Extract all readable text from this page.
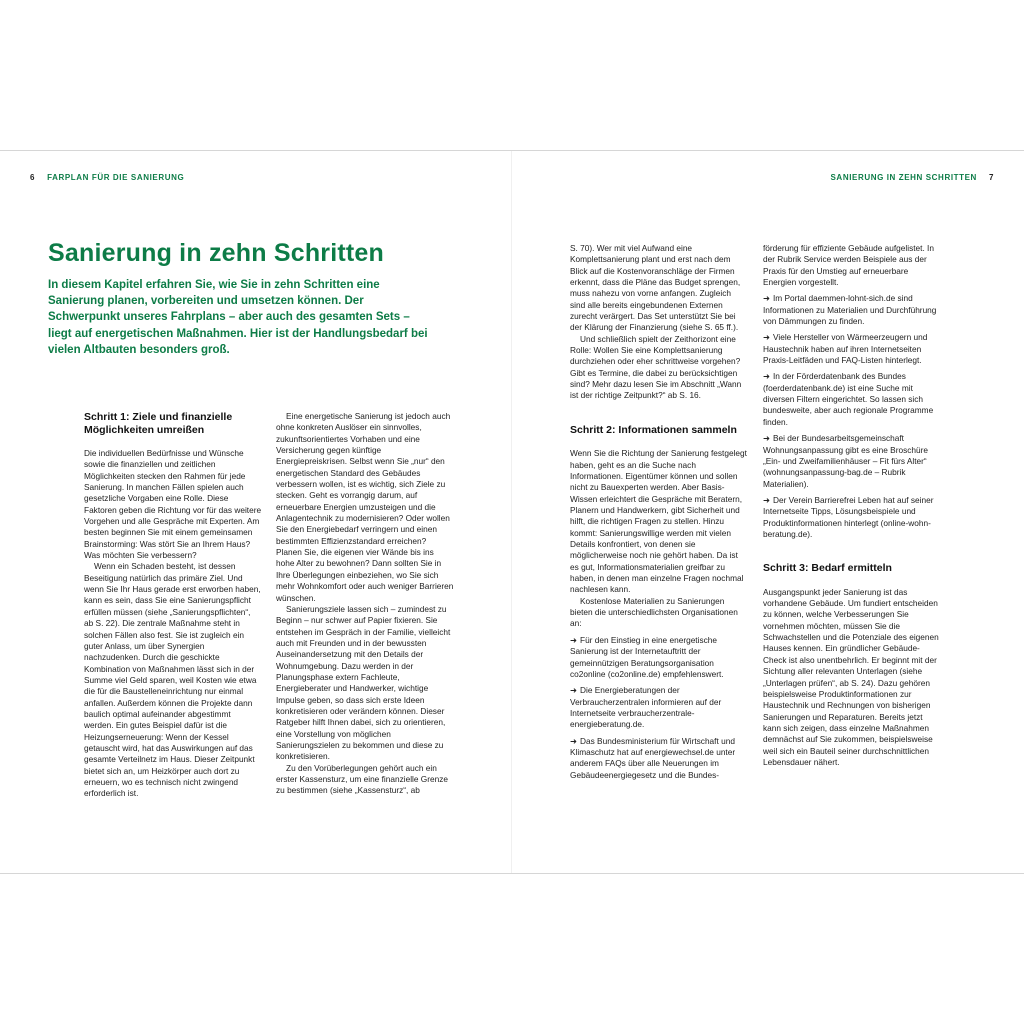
6 FARPLAN FÜR DIE SANIERUNG	SANIERUNG IN ZEHN SCHRITTEN 7
Sanierung in zehn Schritten

In diesem Kapitel erfahren Sie, wie Sie in zehn Schritten eine Sanierung planen, vorbereiten und umsetzen können. Der Schwerpunkt unseres Fahrplans – aber auch des gesamten Sets – liegt auf energetischen Maßnahmen. Hier ist der Handlungsbedarf bei vielen Altbauten besonders groß.

Schritt 1: Ziele und finanzielle Möglichkeiten umreißen

Die individuellen Bedürfnisse und Wünsche sowie die finanziellen und zeitlichen Möglichkeiten stecken den Rahmen für jede Sanierung. In manchen Fällen spielen auch gesetzliche Vorgaben eine Rolle. Diese Faktoren geben die Richtung vor für das weitere Vorgehen und alle Gespräche mit Experten. Am besten beginnen Sie mit einem gemeinsamen Brainstorming: Was stört Sie an Ihrem Haus? Was möchten Sie verbessern?

Wenn ein Schaden besteht, ist dessen Beseitigung natürlich das primäre Ziel. Und wenn Sie Ihr Haus gerade erst erworben haben, kann es sein, dass Sie eine Sanierungspflicht erfüllen müssen (siehe „Sanierungspflichten“, ab S. 22). Die zentrale Maßnahme steht in solchen Fällen also fest. Sie ist zugleich ein guter Anlass, um über Synergien nachzudenken. Durch die geschickte Kombination von Maßnahmen lässt sich in der Summe viel Geld sparen, weil Kosten wie etwa die für die Baustelleneinrichtung nur einmal anfallen. Außerdem können die Projekte dann baulich optimal aufeinander abgestimmt werden. Ein gutes Beispiel dafür ist die Heizungserneuerung: Wenn der Kessel getauscht wird, hat das Auswirkungen auf das gesamte Verteilnetz im Haus. Dieser Zeitpunkt bietet sich an, um Heizkörper auch dort zu erneuern, wo es technisch nicht zwingend erforderlich ist.

Eine energetische Sanierung ist jedoch auch ohne konkreten Auslöser ein sinnvolles, zukunftsorientiertes Vorhaben und eine Versicherung gegen künftige Energiepreiskrisen. Selbst wenn Sie „nur“ den energetischen Standard des Gebäudes verbessern wollen, ist es wichtig, sich Ziele zu stecken. Geht es vorrangig darum, auf erneuerbare Energien umzusteigen und die Anlagentechnik zu modernisieren? Oder wollen Sie den Energiebedarf verringern und einen bestimmten Effizienzstandard erreichen? Planen Sie, die eigenen vier Wände bis ins hohe Alter zu bewohnen? Dann sollten Sie in Ihre Überlegungen einbeziehen, wo Sie sich mehr Wohnkomfort oder auch weniger Barrieren wünschen.

Sanierungsziele lassen sich – zumindest zu Beginn – nur schwer auf Papier fixieren. Sie entstehen im Gespräch in der Familie, vielleicht auch mit Freunden und in der bewussten Auseinandersetzung mit den Details der Wohnumgebung. Dazu werden in der Planungsphase extern Fachleute, Energieberater und Handwerker, wichtige Impulse geben, so dass sich erste Ideen konkretisieren oder verändern können. Dieser Ratgeber hilft Ihnen dabei, sich zu orientieren, eine Vorstellung von möglichen Sanierungszielen zu bekommen und diese zu konkretisieren.

Zu den Vorüberlegungen gehört auch ein erster Kassensturz, um eine finanzielle Grenze zu bestimmen (siehe „Kassensturz“, ab

S. 70). Wer mit viel Aufwand eine Komplettsanierung plant und erst nach dem Blick auf die Kostenvoranschläge der Firmen erkennt, dass die Pläne das Budget sprengen, muss nahezu von vorne anfangen. Zugleich sind alle bereits eingebundenen Externen zurecht verärgert. Das Set unterstützt Sie bei der Klärung der Finanzierung (siehe S. 65 ff.).

Und schließlich spielt der Zeithorizont eine Rolle: Wollen Sie eine Komplettsanierung durchziehen oder eher schrittweise vorgehen? Gibt es Termine, die dabei zu berücksichtigen sind? Mehr dazu lesen Sie im Abschnitt „Wann ist der richtige Zeitpunkt?“ ab S. 16.

Schritt 2: Informationen sammeln

Wenn Sie die Richtung der Sanierung festgelegt haben, geht es an die Suche nach Informationen. Eigentümer können und sollen nicht zu Bauexperten werden. Aber Basis-Wissen erleichtert die Gespräche mit Beratern, Planern und Handwerkern, gibt Sicherheit und hilft, die richtigen Fragen zu stellen. Hinzu kommt: Sanierungswillige werden mit vielen Details konfrontiert, von denen sie möglicherweise noch nie gehört haben. Da ist es gut, Informationsmaterialien greifbar zu haben, in denen man einzelne Fragen nochmal nachlesen kann.

Kostenlose Materialien zu Sanierungen bieten die unterschiedlichsten Organisationen an:

➜ Für den Einstieg in eine energetische Sanierung ist der Internetauftritt der gemeinnützigen Beratungsorganisation co2online (co2online.de) empfehlenswert.

➜ Die Energieberatungen der Verbraucherzentralen informieren auf der Internetseite verbraucherzentrale-energieberatung.de.

➜ Das Bundesministerium für Wirtschaft und Klimaschutz hat auf energiewechsel.de unter anderem FAQs über alle Neuerungen im Gebäudeenergiegesetz und die Bundes-

förderung für effiziente Gebäude aufgelistet. In der Rubrik Service werden Beispiele aus der Praxis für den Umstieg auf erneuerbare Energien vorgestellt.

➜ Im Portal daemmen-lohnt-sich.de sind Informationen zu Materialien und Durchführung von Dämmungen zu finden.

➜ Viele Hersteller von Wärmeerzeugern und Haustechnik haben auf ihren Internetseiten Praxis-Leitfäden und FAQ-Listen hinterlegt.

➜ In der Förderdatenbank des Bundes (foerderdatenbank.de) ist eine Suche mit diversen Filtern eingerichtet. So lassen sich bundesweite, aber auch regionale Programme finden.

➜ Bei der Bundesarbeitsgemeinschaft Wohnungsanpassung gibt es eine Broschüre „Ein- und Zweifamilienhäuser – Fit fürs Alter“ (wohnungsanpassung-bag.de – Rubrik Materialien).

➜ Der Verein Barrierefrei Leben hat auf seiner Internetseite Tipps, Lösungsbeispiele und Produktinformationen hinterlegt (online-wohn-beratung.de).

Schritt 3: Bedarf ermitteln

Ausgangspunkt jeder Sanierung ist das vorhandene Gebäude. Um fundiert entscheiden zu können, welche Verbesserungen Sie vornehmen möchten, müssen Sie die Schwachstellen und die Potenziale des eigenen Hauses kennen. Ein gründlicher Gebäude-Check ist also unentbehrlich. Er beginnt mit der Sichtung aller relevanten Unterlagen (siehe „Unterlagen prüfen“, ab S. 24). Dazu gehören beispielsweise Produktinformationen zur Haustechnik und Rechnungen von bisherigen Sanierungen und Reparaturen. Bereits jetzt kann sich zeigen, dass einzelne Maßnahmen demnächst auf Sie zukommen, beispielsweise weil sich ein Bauteil seiner durchschnittlichen Lebensdauer nähert.
